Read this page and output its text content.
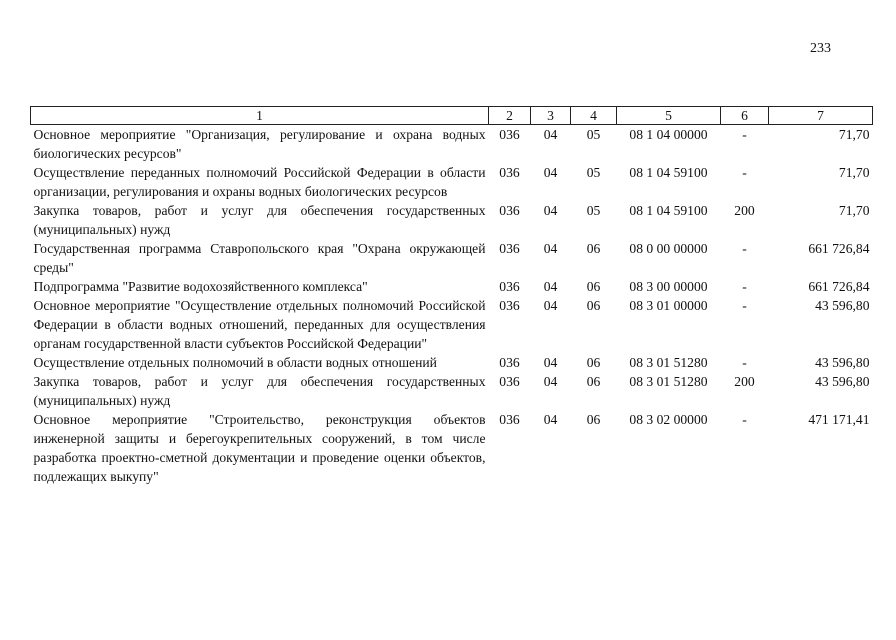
233
1	2	3	4	5	6	7
Основное мероприятие "Организация, регулирование и охрана водных биологических ресурсов"	036	04	05	08 1 04 00000	-	71,70
Осуществление переданных полномочий Российской Федерации в области организации, регулирования и охраны водных биологических ресурсов	036	04	05	08 1 04 59100	-	71,70
Закупка товаров, работ и услуг для обеспечения государственных (муниципальных) нужд	036	04	05	08 1 04 59100	200	71,70
Государственная программа Ставропольского края "Охрана окружающей среды"	036	04	06	08 0 00 00000	-	661 726,84
Подпрограмма "Развитие водохозяйственного комплекса"	036	04	06	08 3 00 00000	-	661 726,84
Основное мероприятие "Осуществление отдельных полномочий Российской Федерации в области водных отношений, переданных для осуществления органам государственной власти субъектов Российской Федерации"	036	04	06	08 3 01 00000	-	43 596,80
Осуществление отдельных полномочий в области водных отношений	036	04	06	08 3 01 51280	-	43 596,80
Закупка товаров, работ и услуг для обеспечения государственных (муниципальных) нужд	036	04	06	08 3 01 51280	200	43 596,80
Основное мероприятие "Строительство, реконструкция объектов инженерной защиты и берегоукрепительных сооружений, в том числе разработка проектно-сметной документации и проведение оценки объектов, подлежащих выкупу"	036	04	06	08 3 02 00000	-	471 171,41
